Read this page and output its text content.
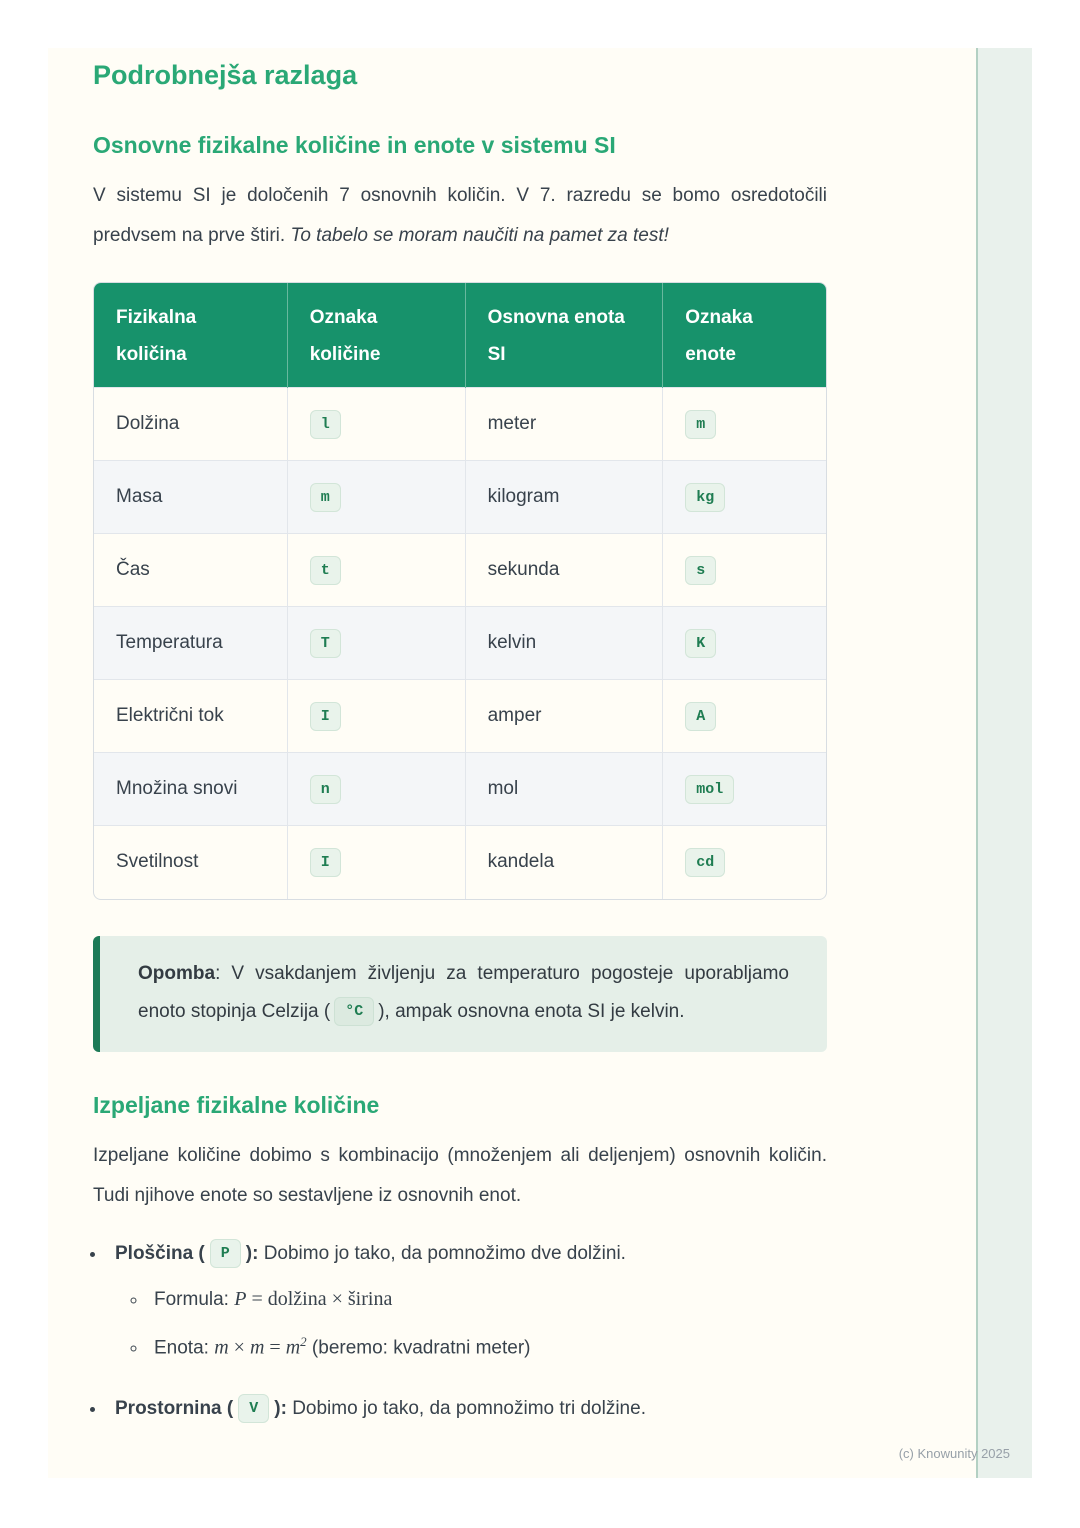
Podrobnejša razlaga
Osnovne fizikalne količine in enote v sistemu SI

V sistemu SI je določenih 7 osnovnih količin. V 7. razredu se bomo osredotočili predvsem na prve štiri. To tabelo se moram naučiti na pamet za test!

Fizikalna količina	Oznaka količine	Osnovna enota SI	Oznaka enote
Dolžina	l	meter	m
Masa	m	kilogram	kg
Čas	t	sekunda	s
Temperatura	T	kelvin	K
Električni tok	I	amper	A
Množina snovi	n	mol	mol
Svetilnost	I	kandela	cd
Opomba: V vsakdanjem življenju za temperaturo pogosteje uporabljamo enoto stopinja Celzija ( °C ), ampak osnovna enota SI je kelvin.
Izpeljane fizikalne količine

Izpeljane količine dobimo s kombinacijo (množenjem ali deljenjem) osnovnih količin. Tudi njihove enote so sestavljene iz osnovnih enot.

• Ploščina ( P ): Dobimo jo tako, da pomnožimo dve dolžini.
◦ Formula: P = dolžina × širina
◦ Enota: $m \times m = m^2$ (beremo: kvadratni meter)
• Prostornina ( V ): Dobimo jo tako, da pomnožimo tri dolžine.
(c) Knowunity 2025
